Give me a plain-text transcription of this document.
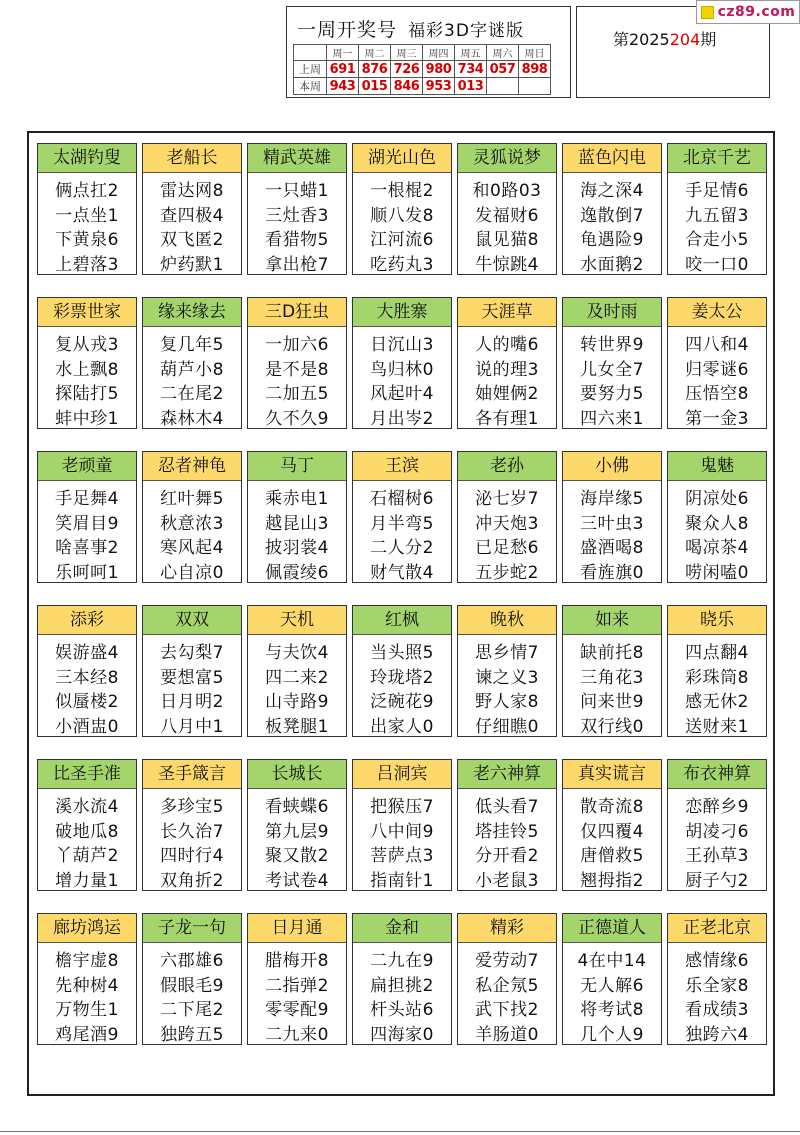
一周开奖号 福彩3D字谜版
	周一	周二	周三	周四	周五	周六	周日
上周	691	876	726	980	734	057	898
本周	943	015	846	953	013		
第2025204期
cz89.com
太湖钓叟
俩点扛2
一点坐1
下黄泉6
上碧落3
老船长
雷达网8
查四极4
双飞匿2
炉药默1
精武英雄
一只蜡1
三灶香3
看猎物5
拿出枪7
湖光山色
一根棍2
顺八发8
江河流6
吃药丸3
灵狐说梦
和0路03
发福财6
鼠见猫8
牛惊跳4
蓝色闪电
海之深4
逸散倒7
龟遇险9
水面鹅2
北京千艺
手足情6
九五留3
合走小5
咬一口0
彩票世家
复从戎3
水上飘8
探陆打5
蚌中珍1
缘来缘去
复几年5
葫芦小8
二在尾2
森林木4
三D狂虫
一加六6
是不是8
二加五5
久不久9
大胜寨
日沉山3
鸟归林0
风起叶4
月出岑2
天涯草
人的嘴6
说的理3
妯娌俩2
各有理1
及时雨
转世界9
儿女全7
要努力5
四六来1
姜太公
四八和4
归零谜6
压悟空8
第一金3
老顽童
手足舞4
笑眉目9
啥喜事2
乐呵呵1
忍者神龟
红叶舞5
秋意浓3
寒风起4
心自凉0
马丁
乘赤电1
越昆山3
披羽裳4
佩霞绫6
王滨
石榴树6
月半弯5
二人分2
财气散4
老孙
泌七岁7
冲天炮3
已足愁6
五步蛇2
小佛
海岸缘5
三叶虫3
盛酒喝8
看旌旗0
鬼魅
阴凉处6
聚众人8
喝凉茶4
唠闲嗑0
添彩
娱游盛4
三本经8
似蜃楼2
小酒盅0
双双
去勾梨7
要想富5
日月明2
八月中1
天机
与夫饮4
四二来2
山寺路9
板凳腿1
红枫
当头照5
玲珑塔2
泛碗花9
出家人0
晚秋
思乡情7
谏之义3
野人家8
仔细瞧0
如来
缺前托8
三角花3
问来世9
双行线0
晓乐
四点翻4
彩珠筒8
感无休2
送财来1
比圣手准
溪水流4
破地瓜8
丫葫芦2
增力量1
圣手箴言
多珍宝5
长久治7
四时行4
双角折2
长城长
看蛱蝶6
第九层9
聚又散2
考试卷4
吕洞宾
把猴压7
八中间9
菩萨点3
指南针1
老六神算
低头看7
塔挂铃5
分开看2
小老鼠3
真实谎言
散奇流8
仅四覆4
唐僧救5
翘拇指2
布衣神算
恋醉乡9
胡凌刁6
王孙草3
厨子勺2
廊坊鸿运
檐宇虚8
先种树4
万物生1
鸡尾酒9
子龙一句
六郡雄6
假眼毛9
二下尾2
独跨五5
日月通
腊梅开8
二指弹2
零零配9
二九来0
金和
二九在9
扁担挑2
杆头站6
四海家0
精彩
爱劳动7
私企氖5
武下找2
羊肠道0
正德道人
4在中14
无人解6
将考试8
几个人9
正老北京
感情缘6
乐全家8
看成绩3
独跨六4
